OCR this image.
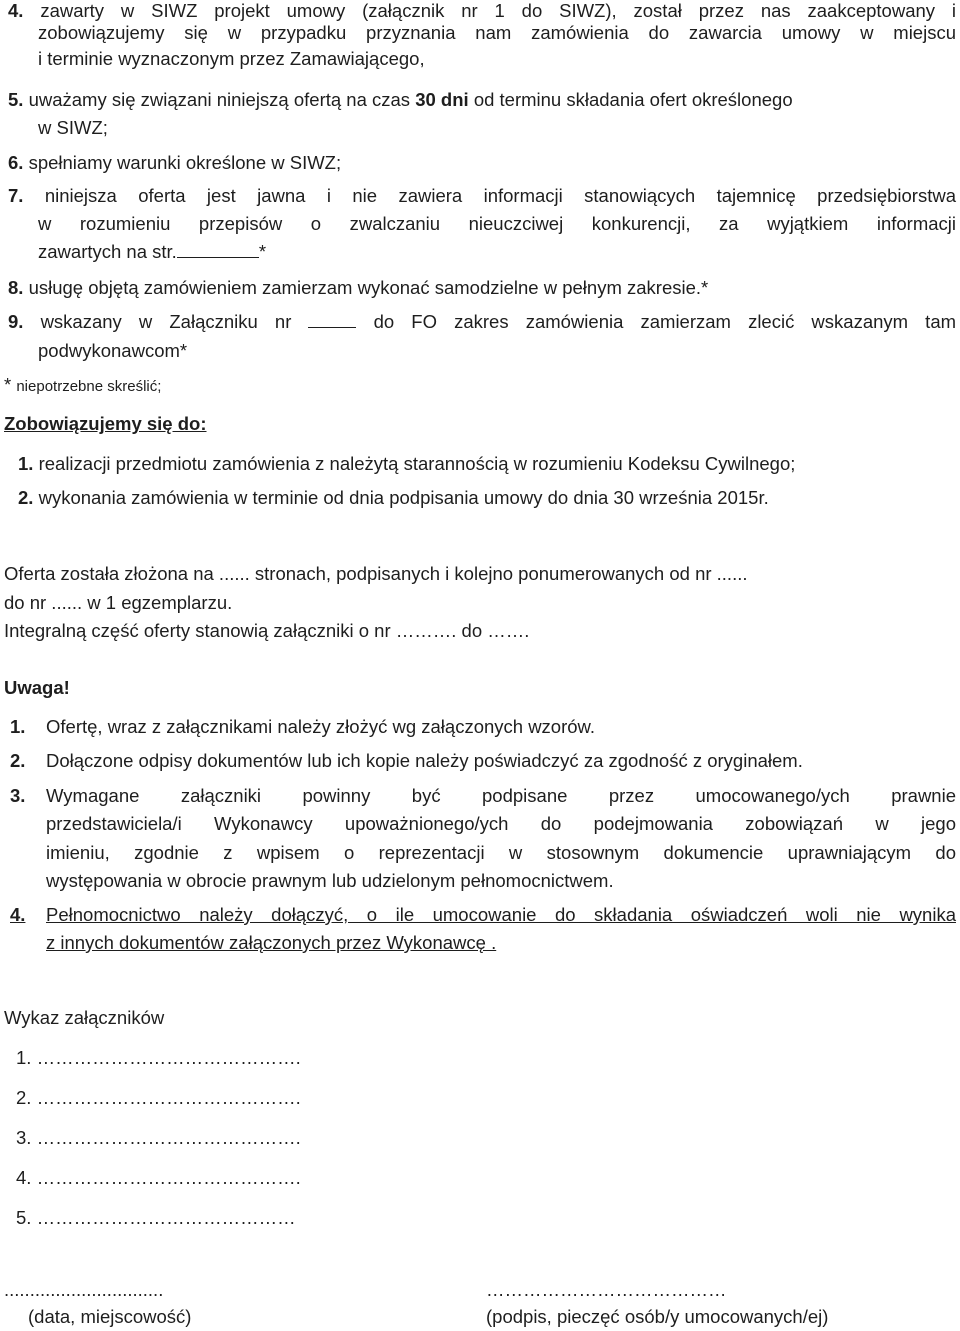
4. zawarty w SIWZ projekt umowy (załącznik nr 1 do SIWZ), został przez nas zaakceptowany i
zobowiązujemy się w przypadku przyznania nam zamówienia do zawarcia umowy w miejscu
i terminie wyznaczonym przez Zamawiającego,
5. uważamy się związani niniejszą ofertą na czas 30 dni od terminu składania ofert określonego
w SIWZ;
6. spełniamy warunki określone w SIWZ;
7. niniejsza oferta jest jawna i nie zawiera informacji stanowiących tajemnicę przedsiębiorstwa
w rozumieniu przepisów o zwalczaniu nieuczciwej konkurencji, za wyjątkiem informacji
zawartych na str.	*
8. usługę objętą zamówieniem zamierzam wykonać samodzielne w pełnym zakresie.*
9. wskazany w Załączniku nr	do FO zakres zamówienia zamierzam zlecić wskazanym tam
podwykonawcom*
* niepotrzebne skreślić;
Zobowiązujemy się do:
1. realizacji przedmiotu zamówienia z należytą starannością w rozumieniu Kodeksu Cywilnego;
2. wykonania zamówienia w terminie od dnia podpisania umowy do dnia 30 września 2015r.
Oferta została złożona na ...... stronach, podpisanych i kolejno ponumerowanych od nr ......
do nr ...... w 1 egzemplarzu.
Integralną część oferty stanowią załączniki o nr ………. do …….
Uwaga!
1. Ofertę, wraz z załącznikami należy złożyć wg załączonych wzorów.
2. Dołączone odpisy dokumentów lub ich kopie należy poświadczyć za zgodność z oryginałem.
3. Wymagane załączniki powinny być podpisane przez umocowanego/ych prawnie
przedstawiciela/i Wykonawcy upoważnionego/ych do podejmowania zobowiązań w jego
imieniu, zgodnie z wpisem o reprezentacji w stosownym dokumencie uprawniającym do
występowania w obrocie prawnym lub udzielonym pełnomocnictwem.
4. Pełnomocnictwo należy dołączyć, o ile umocowanie do składania oświadczeń woli nie wynika
z innych dokumentów załączonych przez Wykonawcę .
Wykaz załączników
1. …………………………………….
2. …………………………………….
3. …………………………………….
4. …………………………………….
5. ……………………………………
...............................
(data, miejscowość)
…………………………………
(podpis, pieczęć osób/y umocowanych/ej)
